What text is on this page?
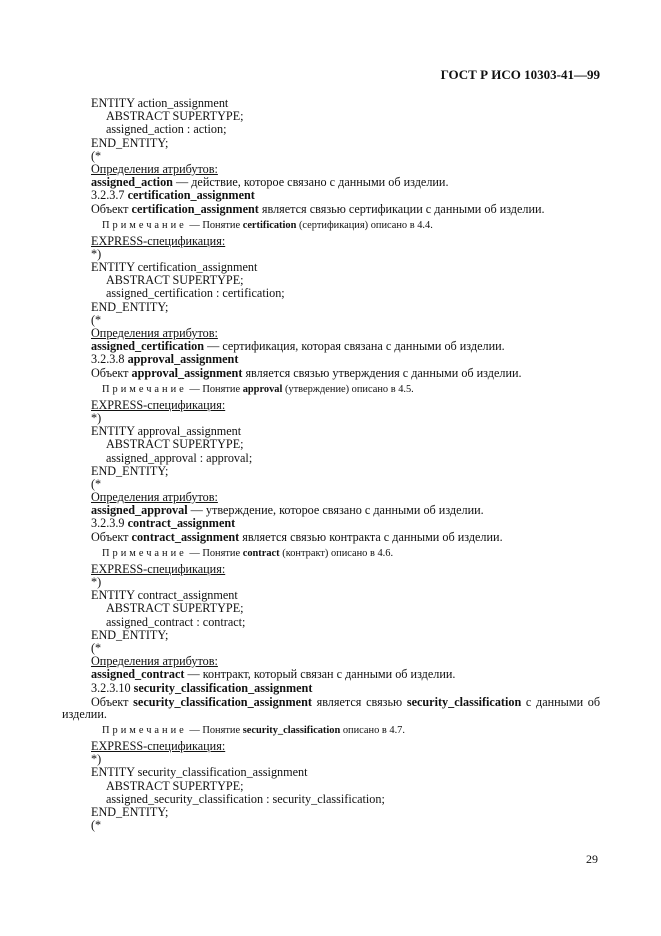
ГОСТ Р ИСО 10303-41—99
ENTITY action_assignment
ABSTRACT SUPERTYPE;
assigned_action : action;
END_ENTITY;
(*
Определения атрибутов:
assigned_action — действие, которое связано с данными об изделии.
3.2.3.7 certification_assignment
Объект certification_assignment является связью сертификации с данными об изделии.
Примечание — Понятие certification (сертификация) описано в 4.4.
EXPRESS-спецификация:
*)
ENTITY certification_assignment
ABSTRACT SUPERTYPE;
assigned_certification : certification;
END_ENTITY;
(*
Определения атрибутов:
assigned_certification — сертификация, которая связана с данными об изделии.
3.2.3.8 approval_assignment
Объект approval_assignment является связью утверждения с данными об изделии.
Примечание — Понятие approval (утверждение) описано в 4.5.
EXPRESS-спецификация:
*)
ENTITY approval_assignment
ABSTRACT SUPERTYPE;
assigned_approval : approval;
END_ENTITY;
(*
Определения атрибутов:
assigned_approval — утверждение, которое связано с данными об изделии.
3.2.3.9 contract_assignment
Объект contract_assignment является связью контракта с данными об изделии.
Примечание — Понятие contract (контракт) описано в 4.6.
EXPRESS-спецификация:
*)
ENTITY contract_assignment
ABSTRACT SUPERTYPE;
assigned_contract : contract;
END_ENTITY;
(*
Определения атрибутов:
assigned_contract — контракт, который связан с данными об изделии.
3.2.3.10 security_classification_assignment
Объект security_classification_assignment является связью security_classification с данными об
изделии.
Примечание — Понятие security_classification описано в 4.7.
EXPRESS-спецификация:
*)
ENTITY security_classification_assignment
ABSTRACT SUPERTYPE;
assigned_security_classification : security_classification;
END_ENTITY;
(*
29
